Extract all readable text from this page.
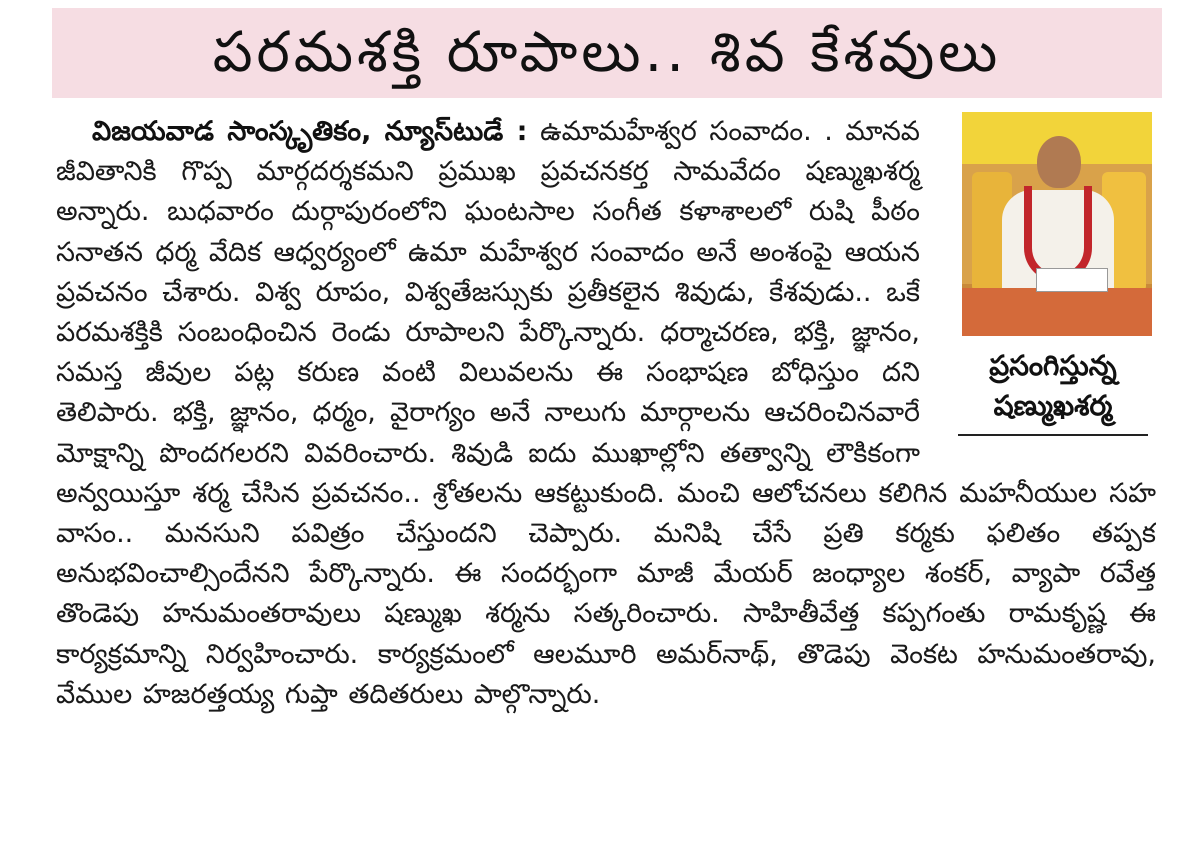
పరమశక్తి రూపాలు.. శివ కేశవులు
ప్రసంగిస్తున్న షణ్ముఖశర్మ

విజయవాడ సాంస్కృతికం, న్యూస్‌టుడే : ఉమామహేశ్వర సంవాదం. . మానవ జీవితానికి గొప్ప మార్గదర్శకమని ప్రముఖ ప్రవచనకర్త సామవేదం షణ్ముఖశర్మ అన్నారు. బుధవారం దుర్గాపురంలోని ఘంటసాల సంగీత కళాశాలలో రుషి పీఠం సనాతన ధర్మ వేదిక ఆధ్వర్యంలో ఉమా మహేశ్వర సంవాదం అనే అంశంపై ఆయన ప్రవచనం చేశారు. విశ్వ రూపం, విశ్వతేజస్సుకు ప్రతీకలైన శివుడు, కేశవుడు.. ఒకే పరమశక్తికి సంబంధించిన రెండు రూపాలని పేర్కొన్నారు. ధర్మాచరణ, భక్తి, జ్ఞానం, సమస్త జీవుల పట్ల కరుణ వంటి విలువలను ఈ సంభాషణ బోధిస్తుం దని తెలిపారు. భక్తి, జ్ఞానం, ధర్మం, వైరాగ్యం అనే నాలుగు మార్గాలను ఆచరించినవారే మోక్షాన్ని పొందగలరని వివరించారు. శివుడి ఐదు ముఖాల్లోని తత్వాన్ని లౌకికంగా అన్వయిస్తూ శర్మ చేసిన ప్రవచనం.. శ్రోతలను ఆకట్టుకుంది. మంచి ఆలోచనలు కలిగిన మహనీయుల సహ వాసం.. మనసుని పవిత్రం చేస్తుందని చెప్పారు. మనిషి చేసే ప్రతి కర్మకు ఫలితం తప్పక అనుభవించాల్సిందేనని పేర్కొన్నారు. ఈ సందర్భంగా మాజీ మేయర్ జంధ్యాల శంకర్, వ్యాపా రవేత్త తొండెపు హనుమంతరావులు షణ్ముఖ శర్మను సత్కరించారు. సాహితీవేత్త కప్పగంతు రామకృష్ణ ఈ కార్యక్రమాన్ని నిర్వహించారు. కార్యక్రమంలో ఆలమూరి అమర్‌నాథ్, తొడెపు వెంకట హనుమంతరావు, వేముల హజరత్తయ్య గుప్తా తదితరులు పాల్గొన్నారు.
